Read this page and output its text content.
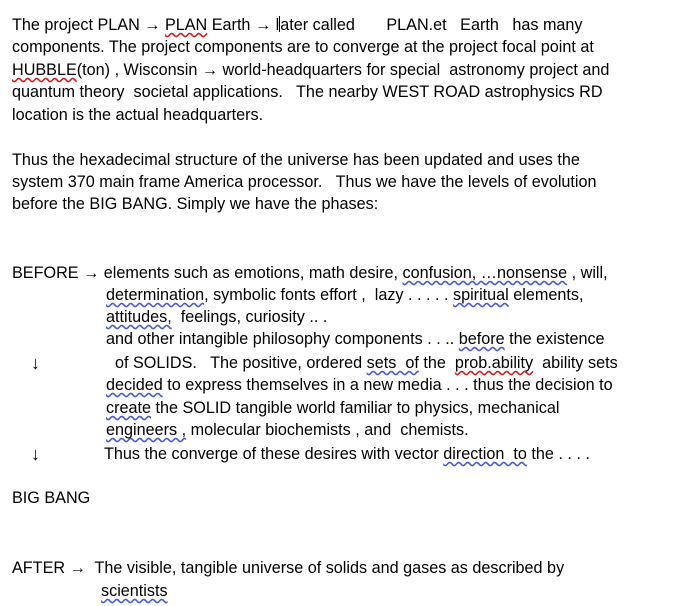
The project PLAN → PLAN Earth → later called       PLAN.et   Earth   has many
components. The project components are to converge at the project focal point at
HUBBLE(ton) , Wisconsin → world-headquarters for special  astronomy project and
quantum theory  societal applications.   The nearby WEST ROAD astrophysics RD
location is the actual headquarters.
Thus the hexadecimal structure of the universe has been updated and uses the
system 370 main frame America processor.   Thus we have the levels of evolution
before the BIG BANG. Simply we have the phases:
BEFORE → elements such as emotions, math desire, confusion, …nonsense , will,
determination, symbolic fonts effort ,  lazy . . . . . spiritual elements,
attitudes,  feelings, curiosity .. .
and other intangible philosophy components . . .. before the existence
↓	of SOLIDS.   The positive, ordered sets  of the  prob.ability  ability sets
decided to express themselves in a new media . . . thus the decision to
create the SOLID tangible world familiar to physics, mechanical
engineers , molecular biochemists , and  chemists.
↓	Thus the converge of these desires with vector direction  to the . . . .
BIG BANG
AFTER →  The visible, tangible universe of solids and gases as described by
scientists
